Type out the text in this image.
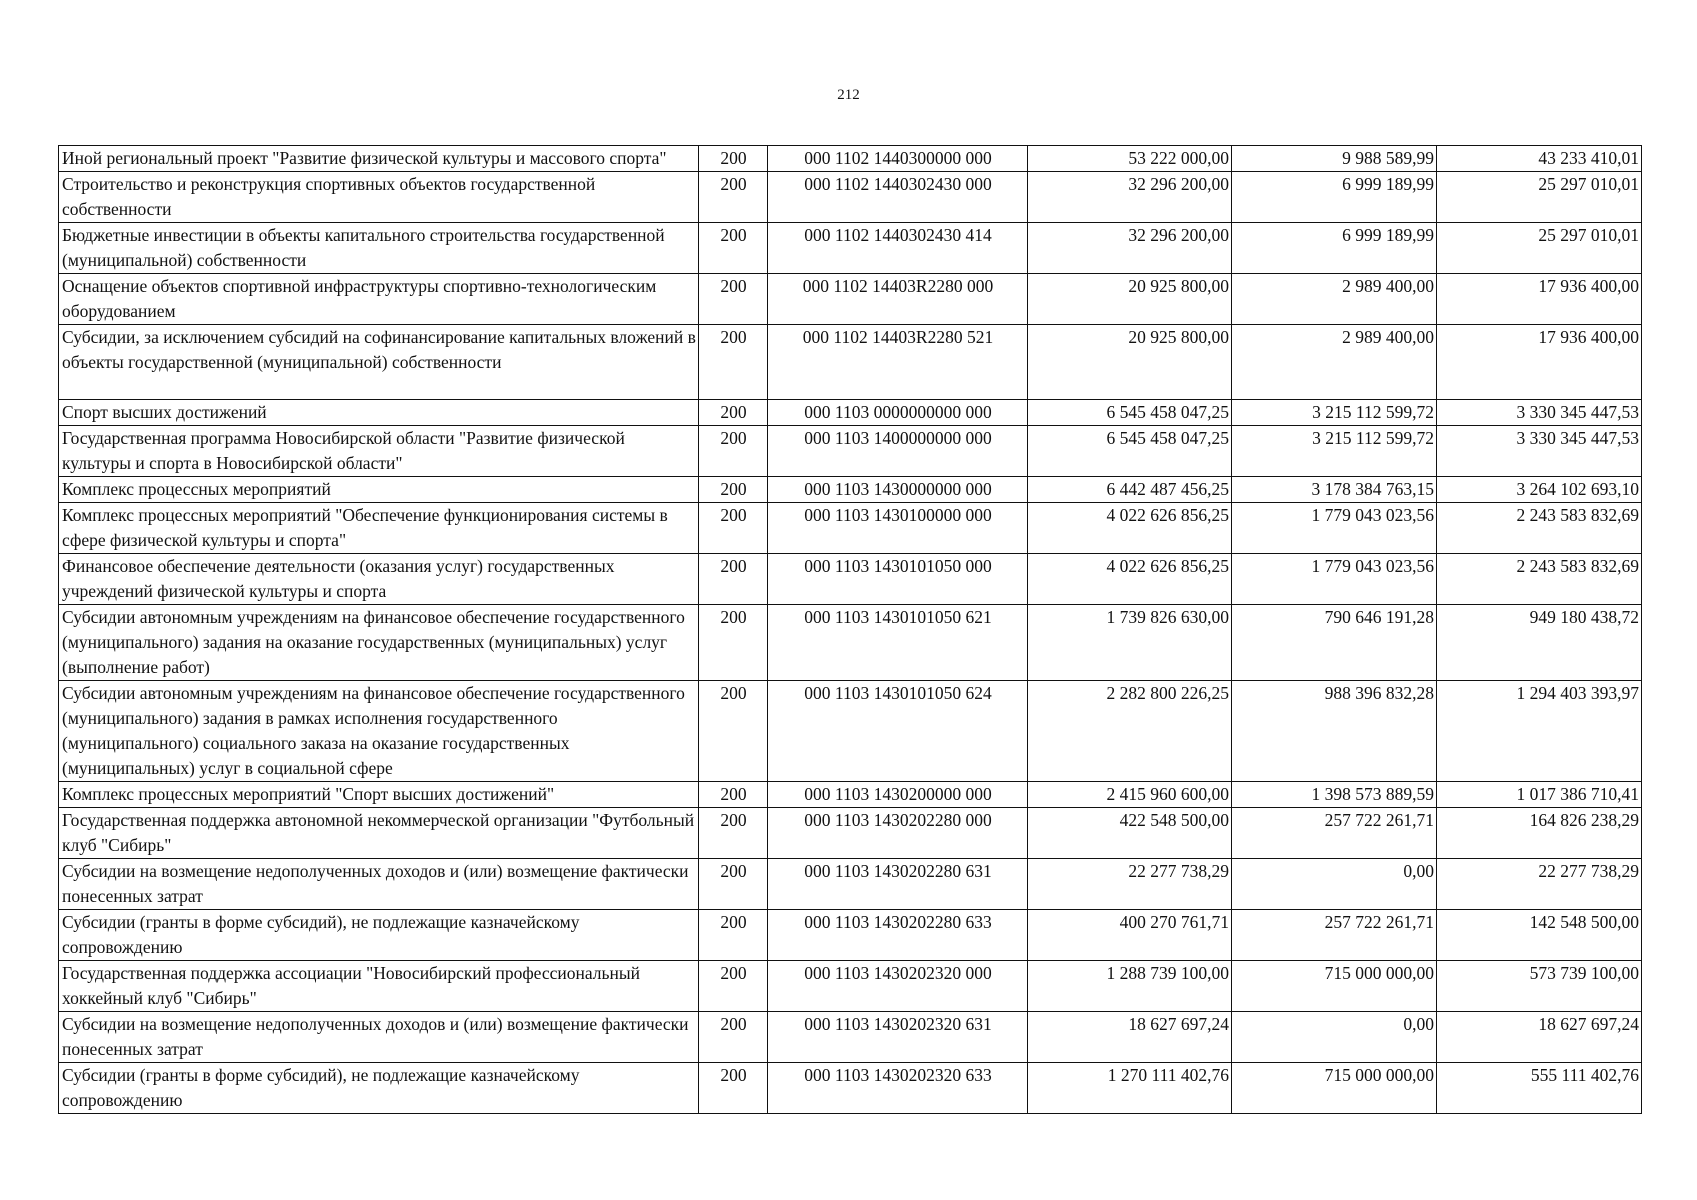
212
Иной региональный проект "Развитие физической культуры и массового спорта"	200	000 1102 1440300000 000	53 222 000,00	9 988 589,99	43 233 410,01
Строительство и реконструкция спортивных объектов государственной собственности	200	000 1102 1440302430 000	32 296 200,00	6 999 189,99	25 297 010,01
Бюджетные инвестиции в объекты капитального строительства государственной (муниципальной) собственности	200	000 1102 1440302430 414	32 296 200,00	6 999 189,99	25 297 010,01
Оснащение объектов спортивной инфраструктуры спортивно-технологическим оборудованием	200	000 1102 14403R2280 000	20 925 800,00	2 989 400,00	17 936 400,00
Субсидии, за исключением субсидий на софинансирование капитальных вложений в объекты государственной (муниципальной) собственности	200	000 1102 14403R2280 521	20 925 800,00	2 989 400,00	17 936 400,00
Спорт высших достижений	200	000 1103 0000000000 000	6 545 458 047,25	3 215 112 599,72	3 330 345 447,53
Государственная программа Новосибирской области "Развитие физической культуры и спорта в Новосибирской области"	200	000 1103 1400000000 000	6 545 458 047,25	3 215 112 599,72	3 330 345 447,53
Комплекс процессных мероприятий	200	000 1103 1430000000 000	6 442 487 456,25	3 178 384 763,15	3 264 102 693,10
Комплекс процессных мероприятий "Обеспечение функционирования системы в сфере физической культуры и спорта"	200	000 1103 1430100000 000	4 022 626 856,25	1 779 043 023,56	2 243 583 832,69
Финансовое обеспечение деятельности (оказания услуг) государственных учреждений физической культуры и спорта	200	000 1103 1430101050 000	4 022 626 856,25	1 779 043 023,56	2 243 583 832,69
Субсидии автономным учреждениям на финансовое обеспечение государственного (муниципального) задания на оказание государственных (муниципальных) услуг (выполнение работ)	200	000 1103 1430101050 621	1 739 826 630,00	790 646 191,28	949 180 438,72
Субсидии автономным учреждениям на финансовое обеспечение государственного (муниципального) задания в рамках исполнения государственного (муниципального) социального заказа на оказание государственных (муниципальных) услуг в социальной сфере	200	000 1103 1430101050 624	2 282 800 226,25	988 396 832,28	1 294 403 393,97
Комплекс процессных мероприятий "Спорт высших достижений"	200	000 1103 1430200000 000	2 415 960 600,00	1 398 573 889,59	1 017 386 710,41
Государственная поддержка автономной некоммерческой организации "Футбольный клуб "Сибирь"	200	000 1103 1430202280 000	422 548 500,00	257 722 261,71	164 826 238,29
Субсидии на возмещение недополученных доходов и (или) возмещение фактически понесенных затрат	200	000 1103 1430202280 631	22 277 738,29	0,00	22 277 738,29
Субсидии (гранты в форме субсидий), не подлежащие казначейскому сопровождению	200	000 1103 1430202280 633	400 270 761,71	257 722 261,71	142 548 500,00
Государственная поддержка ассоциации "Новосибирский профессиональный хоккейный клуб "Сибирь"	200	000 1103 1430202320 000	1 288 739 100,00	715 000 000,00	573 739 100,00
Субсидии на возмещение недополученных доходов и (или) возмещение фактически понесенных затрат	200	000 1103 1430202320 631	18 627 697,24	0,00	18 627 697,24
Субсидии (гранты в форме субсидий), не подлежащие казначейскому сопровождению	200	000 1103 1430202320 633	1 270 111 402,76	715 000 000,00	555 111 402,76
